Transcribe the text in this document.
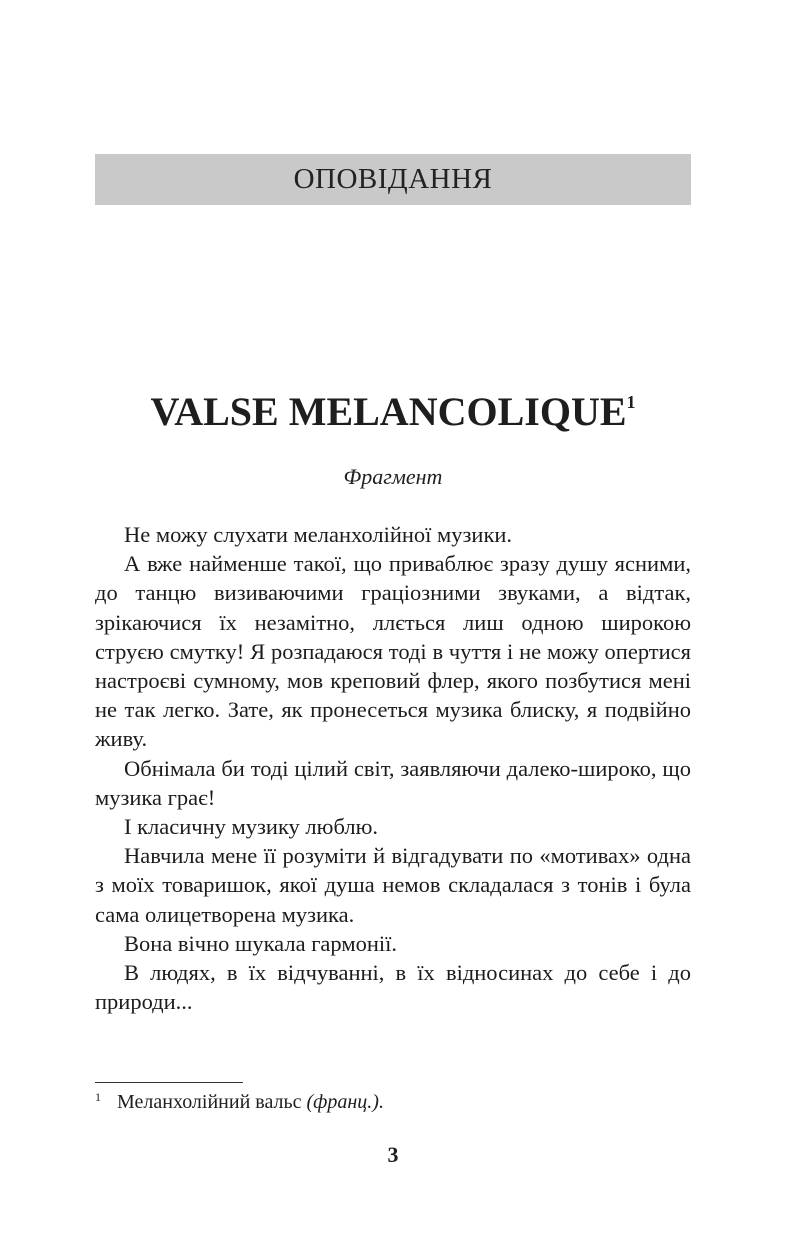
ОПОВІДАННЯ
VALSE MELANCOLIQUE$^1$
Фрагмент

Не можу слухати меланхолійної музики.

А вже найменше такої, що приваблює зразу душу ясними, до танцю визиваючими граціозними звуками, а відтак, зрікаючися їх незамітно, ллється лиш одною широкою струєю смутку! Я розпадаюся тоді в чуття і не можу опертися настроєві сумному, мов креповий флер, якого позбутися мені не так легко. Зате, як пронесеться музика блиску, я подвійно живу.

Обнімала би тоді цілий світ, заявляючи далеко-широко, що музика грає!

І класичну музику люблю.

Навчила мене її розуміти й відгадувати по «мотивах» одна з моїх товаришок, якої душа немов складалася з тонів і була сама олицетворена музика.

Вона вічно шукала гармонії.

В людях, в їх відчуванні, в їх відносинах до себе і до природи...

1 Меланхолійний вальс (франц.).
3
